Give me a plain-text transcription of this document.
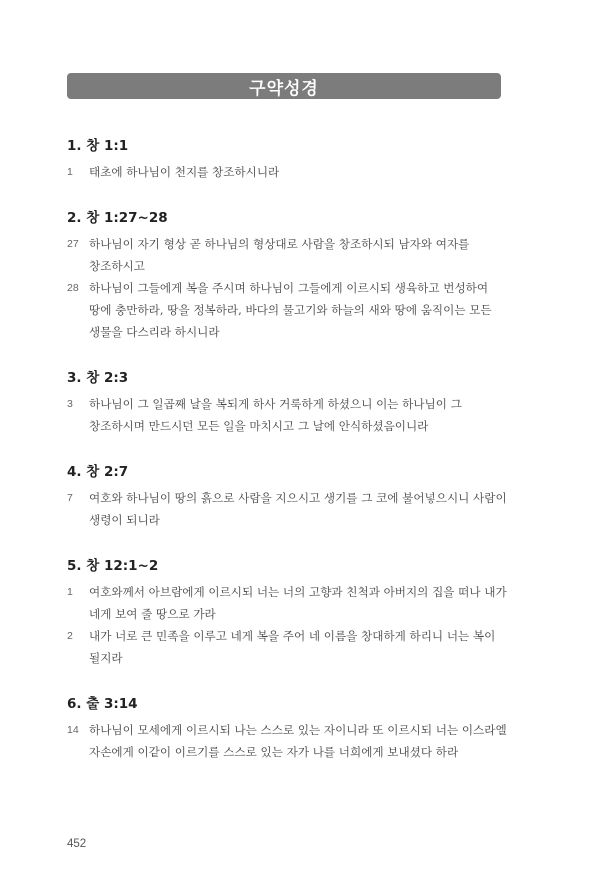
구약성경
1. 창 1:1
1	태초에 하나님이 천지를 창조하시니라
2. 창 1:27~28
27 하나님이 자기 형상 곧 하나님의 형상대로 사람을 창조하시되 남자와 여자를 창조하시고
28 하나님이 그들에게 복을 주시며 하나님이 그들에게 이르시되 생육하고 번성하여 땅에 충만하라, 땅을 정복하라, 바다의 물고기와 하늘의 새와 땅에 움직이는 모든 생물을 다스리라 하시니라
3. 창 2:3
3	하나님이 그 일곱째 날을 복되게 하사 거룩하게 하셨으니 이는 하나님이 그 창조하시며 만드시던 모든 일을 마치시고 그 날에 안식하셨음이니라
4. 창 2:7
7	여호와 하나님이 땅의 흙으로 사람을 지으시고 생기를 그 코에 불어넣으시니 사람이 생령이 되니라
5. 창 12:1~2
1	여호와께서 아브람에게 이르시되 너는 너의 고향과 친척과 아버지의 집을 떠나 내가 네게 보여 줄 땅으로 가라
2	내가 너로 큰 민족을 이루고 네게 복을 주어 네 이름을 창대하게 하리니 너는 복이 될지라
6. 출 3:14
14 하나님이 모세에게 이르시되 나는 스스로 있는 자이니라 또 이르시되 너는 이스라엘 자손에게 이같이 이르기를 스스로 있는 자가 나를 너희에게 보내셨다 하라
452
